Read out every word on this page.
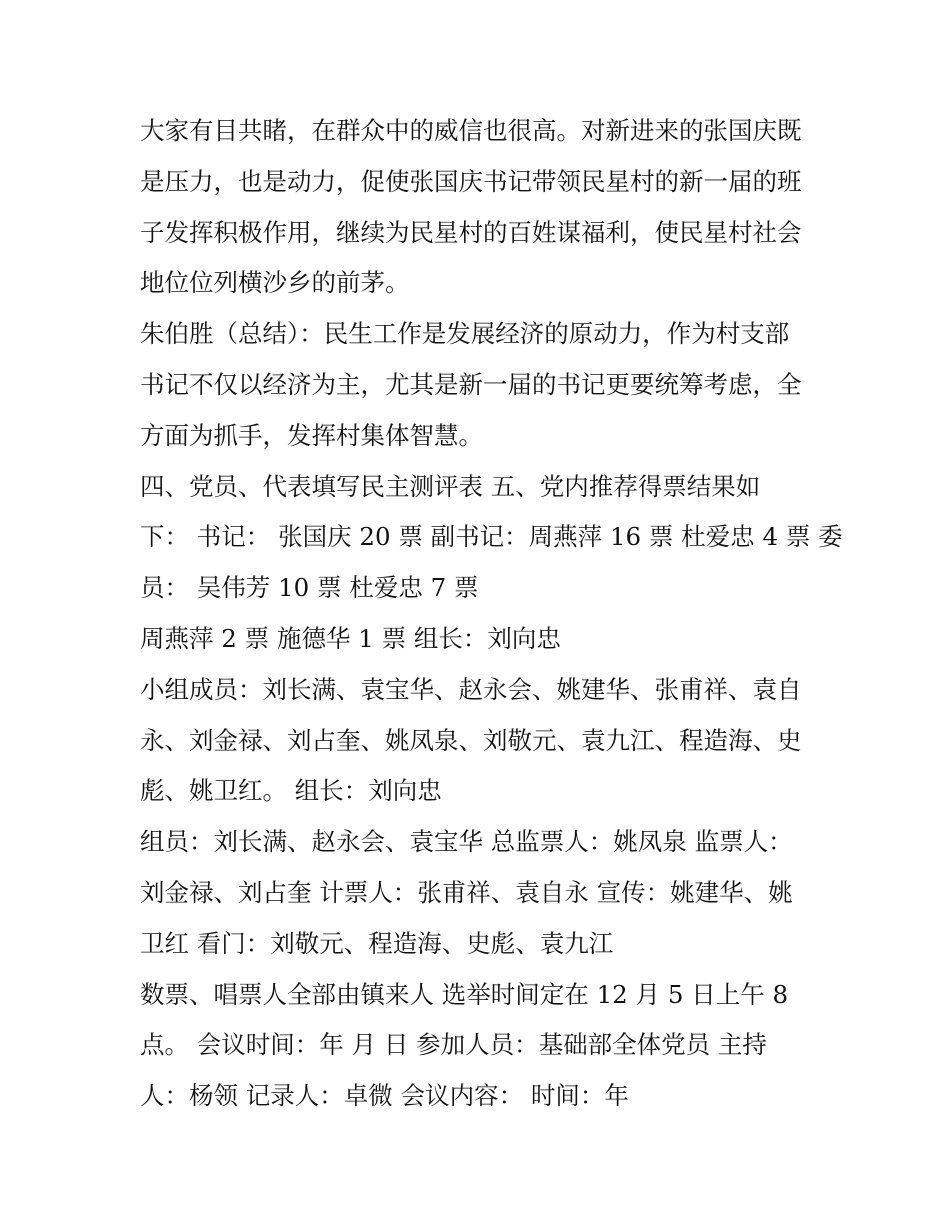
大家有目共睹，在群众中的威信也很高。对新进来的张国庆既
是压力，也是动力，促使张国庆书记带领民星村的新一届的班
子发挥积极作用，继续为民星村的百姓谋福利，使民星村社会
地位位列横沙乡的前茅。
朱伯胜（总结）：民生工作是发展经济的原动力，作为村支部
书记不仅以经济为主，尤其是新一届的书记更要统筹考虑，全
方面为抓手，发挥村集体智慧。
四、党员、代表填写民主测评表 五、党内推荐得票结果如
下： 书记： 张国庆 20 票 副书记：周燕萍 16 票 杜爱忠 4 票 委
员： 吴伟芳 10 票 杜爱忠 7 票
周燕萍 2 票 施德华 1 票 组长：刘向忠
小组成员：刘长满、袁宝华、赵永会、姚建华、张甫祥、袁自
永、刘金禄、刘占奎、姚凤泉、刘敬元、袁九江、程造海、史
彪、姚卫红。 组长：刘向忠
组员：刘长满、赵永会、袁宝华 总监票人：姚凤泉 监票人：
刘金禄、刘占奎 计票人：张甫祥、袁自永 宣传：姚建华、姚
卫红 看门：刘敬元、程造海、史彪、袁九江
数票、唱票人全部由镇来人 选举时间定在 12 月 5 日上午 8
点。 会议时间：年 月 日 参加人员：基础部全体党员 主持
人：杨领 记录人：卓微 会议内容： 时间：年
